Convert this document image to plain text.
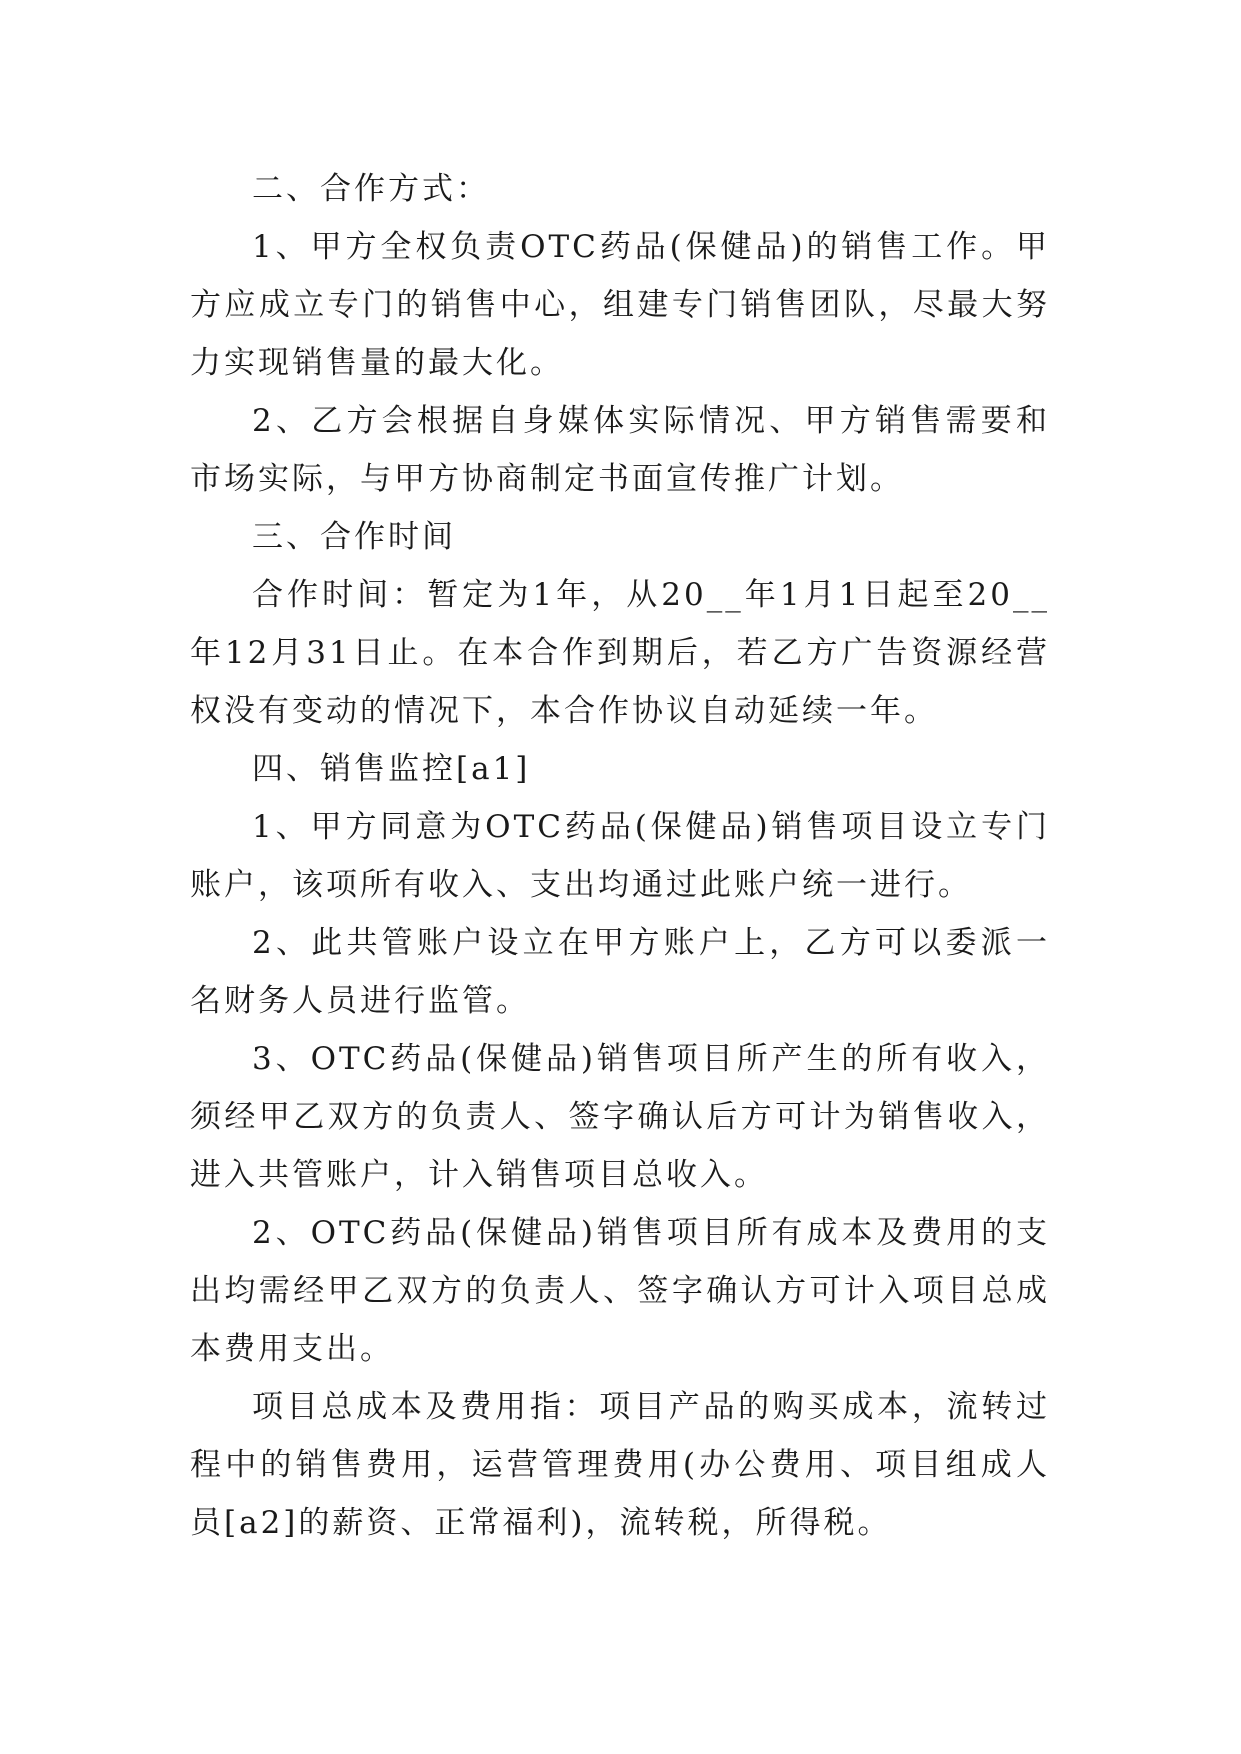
二、合作方式：

1、甲方全权负责OTC药品(保健品)的销售工作。甲方应成立专门的销售中心，组建专门销售团队，尽最大努力实现销售量的最大化。

2、乙方会根据自身媒体实际情况、甲方销售需要和市场实际，与甲方协商制定书面宣传推广计划。

三、合作时间

合作时间：暂定为1年，从20__年1月1日起至20__年12月31日止。在本合作到期后，若乙方广告资源经营权没有变动的情况下，本合作协议自动延续一年。

四、销售监控[a1]

1、甲方同意为OTC药品(保健品)销售项目设立专门账户，该项所有收入、支出均通过此账户统一进行。

2、此共管账户设立在甲方账户上，乙方可以委派一名财务人员进行监管。

3、OTC药品(保健品)销售项目所产生的所有收入，须经甲乙双方的负责人、签字确认后方可计为销售收入，进入共管账户，计入销售项目总收入。

2、OTC药品(保健品)销售项目所有成本及费用的支出均需经甲乙双方的负责人、签字确认方可计入项目总成本费用支出。

项目总成本及费用指：项目产品的购买成本，流转过程中的销售费用，运营管理费用(办公费用、项目组成人员[a2]的薪资、正常福利)，流转税，所得税。
